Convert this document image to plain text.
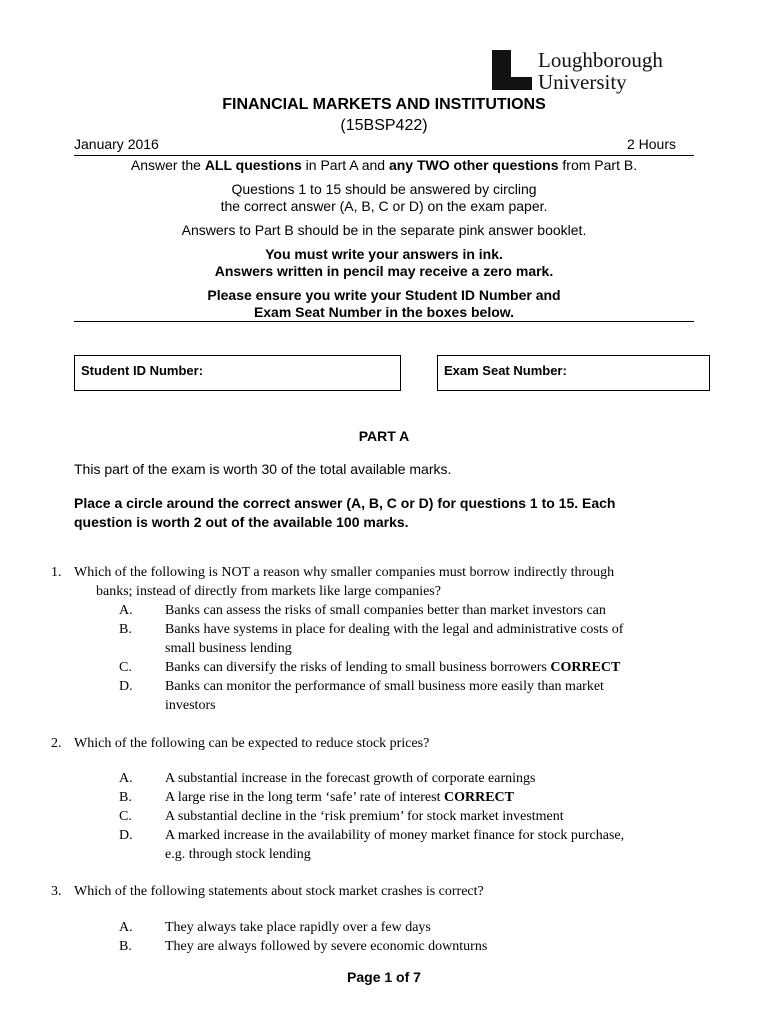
Loughborough
University
FINANCIAL MARKETS AND INSTITUTIONS
(15BSP422)
January 2016	2 Hours
Answer the ALL questions in Part A and any TWO other questions from Part B.
Questions 1 to 15 should be answered by circling
the correct answer (A, B, C or D) on the exam paper.
Answers to Part B should be in the separate pink answer booklet.
You must write your answers in ink.
Answers written in pencil may receive a zero mark.
Please ensure you write your Student ID Number and
Exam Seat Number in the boxes below.
Student ID Number:	Exam Seat Number:
PART A
This part of the exam is worth 30 of the total available marks.
Place a circle around the correct answer (A, B, C or D) for questions 1 to 15. Each
question is worth 2 out of the available 100 marks.
1. Which of the following is NOT a reason why smaller companies must borrow indirectly through
banks; instead of directly from markets like large companies?
A. Banks can assess the risks of small companies better than market investors can
B. Banks have systems in place for dealing with the legal and administrative costs of
small business lending
C. Banks can diversify the risks of lending to small business borrowers CORRECT
D. Banks can monitor the performance of small business more easily than market
investors
2. Which of the following can be expected to reduce stock prices?
A. A substantial increase in the forecast growth of corporate earnings
B. A large rise in the long term ‘safe’ rate of interest CORRECT
C. A substantial decline in the ‘risk premium’ for stock market investment
D. A marked increase in the availability of money market finance for stock purchase,
e.g. through stock lending
3. Which of the following statements about stock market crashes is correct?
A. They always take place rapidly over a few days
B. They are always followed by severe economic downturns
Page 1 of 7
